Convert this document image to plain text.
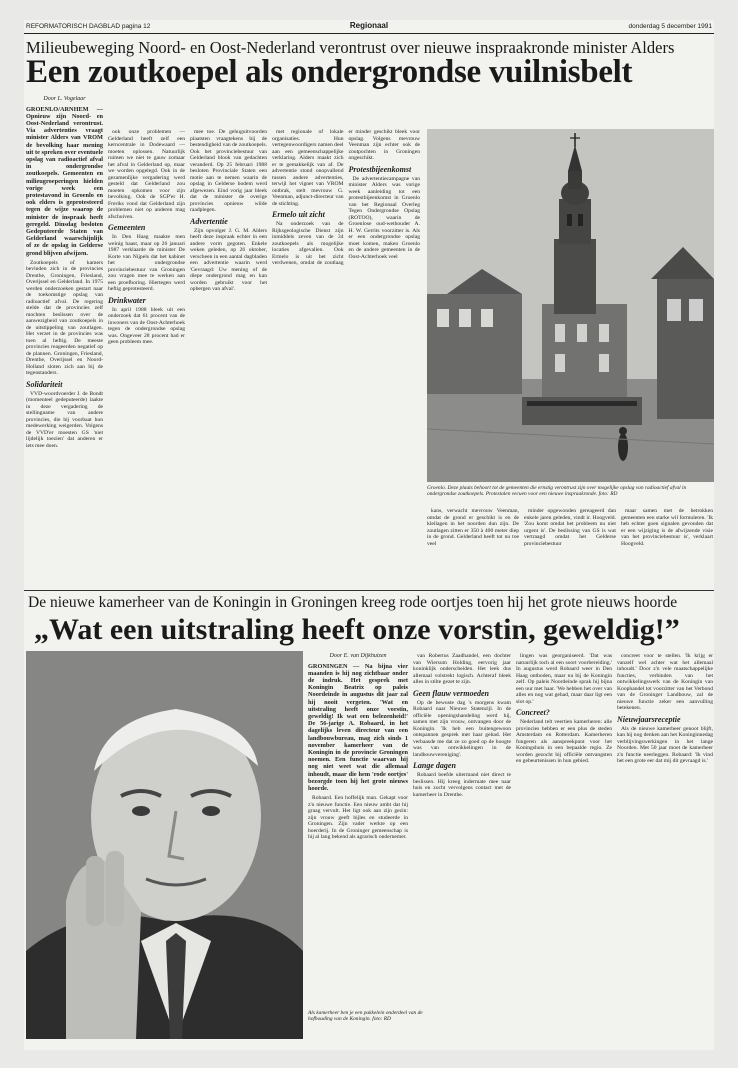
REFORMATORISCH DAGBLAD pagina 12	Regionaal	donderdag 5 december 1991
Milieubeweging Noord- en Oost-Nederland verontrust over nieuwe inspraakronde minister Alders
Een zoutkoepel als ondergrondse vuilnisbelt
Door L. Vogelaar
GROENLO/ARNHEM — Opnieuw zijn Noord- en Oost-Nederland verontrust. Via advertenties vraagt minister Alders van VROM de bevolking haar mening uit te spreken over eventuele opslag van radioactief afval in ondergrondse zoutkoepels. Gemeenten en milieugroeperingen hielden vorige week een protestavond in Groenlo en ook elders is geprotesteerd tegen de wijze waarop de minister de inspraak heeft geregeld. Dinsdag besloten Gedeputeerde Staten van Gelderland waarschijnlijk of ze de opslag in Gelderse grond blijven afwijzen.

Zoutkoepels of kamers bevinden zich in de provincies Drenthe, Groningen, Friesland, Overijssel en Gelderland. In 1975 werden onderzoeken gestart naar de toekomstige opslag van radioactief afval. De regering stelde dat de provincies zelf mochten beslissen over de aanwezigheid van zoutkoepels in de uitstippeling van zoutlagen. Het verzet in de provincies was toen al heftig. De meeste provincies reageerden negatief op de plannen. Groningen, Friesland, Drenthe, Overijssel en Noord-Holland sloten zich aan bij de tegenstanders.

Solidariteit

VVD-woordvoerder J. de Bondt (momenteel gedeputeerde) laakte in deze vergadering de stellingname van andere provincies, die bij voorbaat hun medewerking weigerden. Volgens de VVD'er moesten GS 'niet lijdelijk toezien' dat anderen er iets mee doen.

ook onze problemen — Gelderland heeft zelf een kerncentrale in Dodewaard — moeten oplossen. Natuurlijk ruimen we niet te gauw zomaar het afval in Gelderland op, maar we worden opgelegd. Ook in de gezamenlijke vergadering werd gesteld dat Gelderland zou moeten opkomen voor zijn bevolking. Ook de SGP'er H. Freriks vond dat Gelderland zijn problemen niet op anderen mag afschuiven.

Gemeenten

In Den Haag maakte men weinig haast, maar op 26 januari 1987 verklaarde de minister De Korte van Nijpels dat het kabinet het ondergrondse provinciebestuur van Groningen zou vragen mee te werken aan een proefboring. Hiertegen werd heftig geprotesteerd.

Drinkwater

In april 1988 bleek uit een onderzoek dat 61 procent van de inwoners van de Oost-Achterhoek tegen de ondergrondse opslag was. Ongeveer 28 procent had er geen probleem mee.

mee toe. De gehuguitvoorden plaatsten vraagtekens bij de bestendigheid van de zoutkoepels. Ook het provinciebestuur van Gelderland blook van gedachten veranderd. Op 25 februari 1988 besloten Provinciale Staten een motie aan te nemen waarin de opslag in Gelderse bodem werd afgewezen. Eind vorig jaar bleek dat de minister de overige provincies opnieuw wilde raadplegen.

Advertentie

Zijn opvolger J. G. M. Alders heeft deze inspraak echter in een andere vorm gegoten. Enkele weken geleden, op 26 oktober, verscheen in een aantal dagbladen een advertentie waarin werd 'Gevraagd: Uw mening of de diepe ondergrond mag en kan worden gebruikt voor het opbergen van afval'.

met regionale of lokale organisaties. Hun vertegenwoordigers namen deel aan een gemeenschappelijke verklaring. Alders maakt zich er te gemakkelijk van af. De advertentie stond onopvallend tussen andere advertenties, terwijl het vignet van VROM ontbrak, stelt mevrouw G. Veenman, adjunct-directeur van de stichting.

Ermelo uit zicht

Na onderzoek van de Rijksgeologische Dienst zijn inmiddels zeven van de 34 zoutkoepels als mogelijke locaties afgevallen. Ook Ermelo is uit het zicht verdwenen, omdat de zoutlaag er minder geschikt bleek voor opslag. Volgens mevrouw Veenman zijn echter ook de zoutpochten in Groningen ongeschikt.

Protestbijeenkomst

De advertentiecampagne van minister Alders was vorige week aanleiding tot een protestbijeenkomst in Groenlo van het Regionaal Overleg Tegen Ondergrondse Opslag (ROTOO), waarin de Groenlose oud-wethouder A. H. W. Gerrits voorzitter is. Als er een ondergrondse opslag moet komen, maken Groenlo en de andere gemeenten in de Oost-Achterhoek veel

Groenlo. Deze plaats behoort tot de gemeenten die ernstig verontrust zijn over mogelijke opslag van radioactief afval in ondergrondse zoutkoepels. Protestalen vecuen voor een nieuwe inspraakronde. foto: RD

kans, verwacht mevrouw Veenman, omdat de grond er geschikt is en de kleilagen in het noorden dun zijn. De zoutlagen zitten er 350 à 400 meter diep in de grond. Gelderland heeft tot nu toe veel

minder opgewonden gereageerd dan enkele jaren geleden, vindt ir. Hoogveld. 'Zou komt omdat het probleem nu niet urgent is'. De beslissing van GS is wat vertraagd omdat het Gelderse provinciebestuur

maar samen met de betrokken gemeenten een starke wil formuleren. 'Ik heb echter goen signalen gevonden dat er een wijziging is de afwijzende visie van het provinciebestuur is', verklaart Hoogveld.

De nieuwe kamerheer van de Koningin in Groningen kreeg rode oortjes toen hij het grote nieuws hoorde
„Wat een uitstraling heeft onze vorstin, geweldig!”
Door E. van Dijkhuizen
GRONINGEN — Na bijna vier maanden is hij nog zichtbaar onder de indruk. Het gesprek met Koningin Beatrix op paleis Noordeinde in augustus dit jaar zal hij nooit vergeten. 'Wat en uitstraling heeft onze vorstin, geweldig! Ik wat een belezenheid!' De 56-jarige A. Robaard, in het dagelijks leven directeur van een landbouwbureau, mag zich sinds 1 november kamerheer van de Koningin in de provincie Groningen noemen. Een functie waarvan hij nog niet weet wat die allemaal inhoudt, maar die hem 'rode oortjes' bezorgde toen hij het grote nieuws hoorde.

Robaard. Een hoffelijk man. Gekapt voor z'n nieuwe functie. Een nieuw ambt dat hij graag vervult. Het ligt ook aan zijn gezin: zijn vrouw geeft bijles en studeerde in Groningen. Zijn vader werkte op een boerderij. In de Groninger gemeenschap is hij al lang bekend als agrarisch ondernemer.

Als kamerheer ben je een pakkelein onderdeel van de hofhouding van de Koningin. foto: RD

van Robertus Zaadhandel, een dochter van Wiersum Holding, eervorig jaar koninklijk onderscheiden. Het leek dus allemaal volstrekt logisch. Achteraf bleek alles in stilte gezet te zijn.

Geen flauw vermoeden

Op de bewuste dag 's morgens kwam Robaard naar Nieuwe Statenzijl. In de officiële openingshandeling werd hij, samen met zijn vrouw, ontvangen door de Koningin. 'Ik heb een buitengewoon ontspannen gesprek met haar gehad. Het verbaasde me dat ze zo goed op de hoogte was van ontwikkelingen in de landbouwvereniging'.

Lange dagen

Robaard beefde uitermand niet direct te beslissen. Hij kreeg indermate mee naar huis en zocht vervolgens contact met de kamerheer in Drenthe.

lingen was georganiseerd. 'Dat was natuurlijk toch al een soort voorbereiding.' In augustus werd Robaard weer in Den Haag ontboden, maar nu bij de Koningin zelf. Op paleis Noordeinde sprak hij bijna een uur met haar. 'We hebben het over van alles en nog wat gehad, maar daar ligt een slot op.'

Concreet?

Nederland telt veertien kamerheren: alle provincies hebben er een plus de steden Amsterdam en Rotterdam. Kamerheren fungeren als aanspreekpunt voor het Koningshuis in een bepaalde regio. Ze worden gezocht bij officiële ontvangsten en gebeurtenissen in hun gebied.

concreet voor te stellen. 'Ik krijg er vanzelf wel achter wat het allemaal inhoudt.' Door z'n vele maatschappelijke functies, verbinden van het ontwikkelingswerk van de Koningin van Koophandel tot voorzitter van het Verbond van de Groninger Landbouw, zal de nieuwe functie zeker een aanvulling betekenen.

Nieuwjaarsreceptie

Als de nieuwe kamerheer genoot blijft, kan hij nog denken aan het Koninginnedag verblijvingswerkingen in het lange Noorden. Met 50 jaar moet de kamerheer z'n functie neerleggen. Robaard: 'Ik vind het een grote eer dat mij dit gevraagd is.'
